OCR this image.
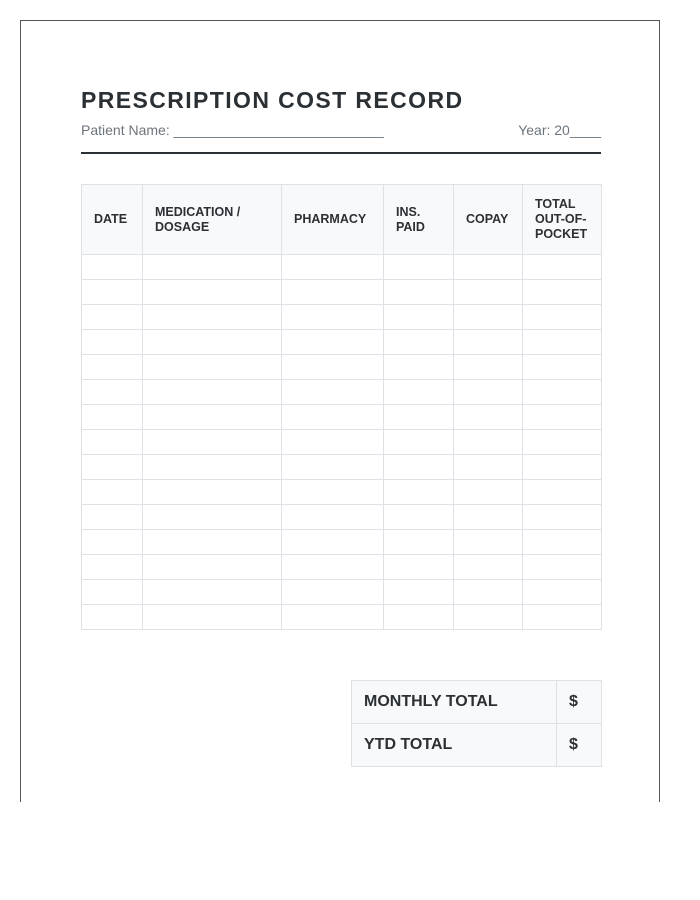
PRESCRIPTION COST RECORD
Patient Name: ___________________________	Year: 20____
DATE	MEDICATION / DOSAGE	PHARMACY	INS. PAID	COPAY	TOTAL OUT-OF-POCKET

MONTHLY TOTAL	$
YTD TOTAL	$
